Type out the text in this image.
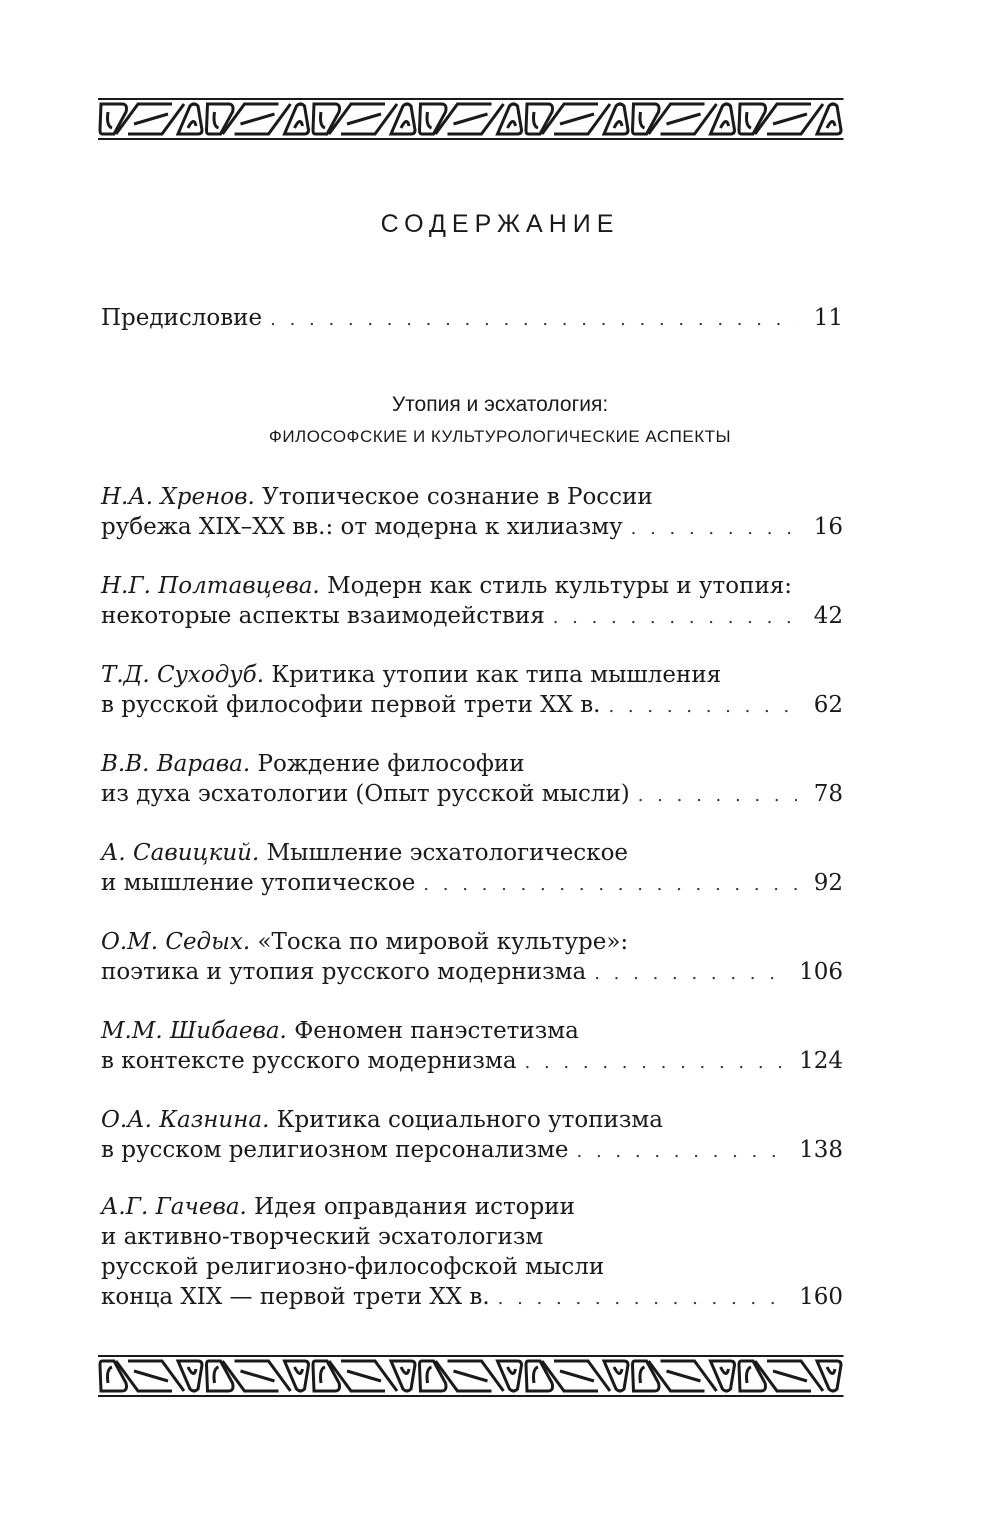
СОДЕРЖАНИЕ
Предисловие . . .	11
Утопия и эсхатология:
ФИЛОСОФСКИЕ И КУЛЬТУРОЛОГИЧЕСКИЕ АСПЕКТЫ
Н.А. Хренов. Утопическое сознание в России
рубежа XIX–XX вв.: от модерна к хилиазму . . .	16
Н.Г. Полтавцева. Модерн как стиль культуры и утопия:
некоторые аспекты взаимодействия . . .	42
Т.Д. Суходуб. Критика утопии как типа мышления
в русской философии первой трети XX в. . . .	62
В.В. Варава. Рождение философии
из духа эсхатологии (Опыт русской мысли) . . .	78
А. Савицкий. Мышление эсхатологическое
и мышление утопическое . . .	92
О.М. Седых. «Тоска по мировой культуре»:
поэтика и утопия русского модернизма . . .	106
М.М. Шибаева. Феномен панэстетизма
в контексте русского модернизма . . .	124
О.А. Казнина. Критика социального утопизма
в русском религиозном персонализме . . .	138
А.Г. Гачева. Идея оправдания истории
и активно-творческий эсхатологизм
русской религиозно-философской мысли
конца XIX — первой трети XX в. . . .	160
